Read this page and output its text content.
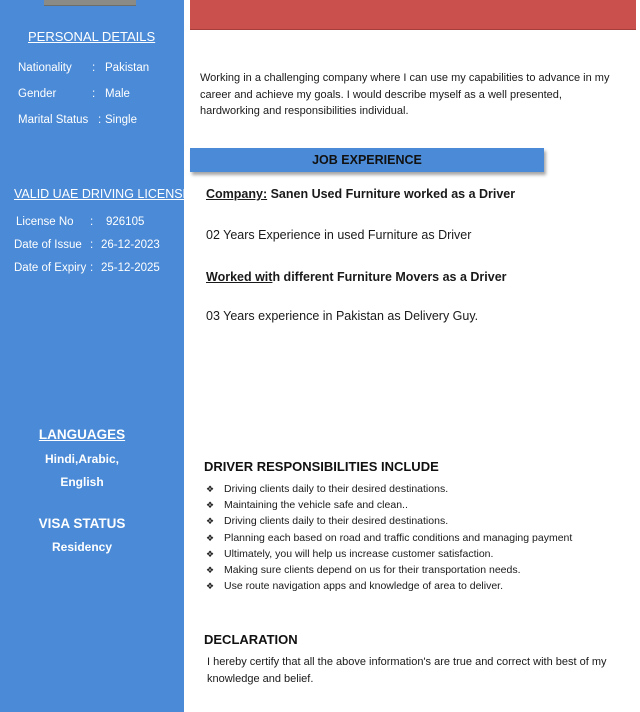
PERSONAL DETAILS
Nationality : Pakistan
Gender	: Male
Marital Status : Single
VALID UAE DRIVING LICENSE
License No : 926105
Date of Issue : 26-12-2023
Date of Expiry : 25-12-2025
LANGUAGES
Hindi,Arabic,
English
VISA STATUS
Residency
Working in a challenging company where I can use my capabilities to advance in my career and achieve my goals. I would describe myself as a well presented, hardworking and responsibilities individual.
JOB EXPERIENCE
Company: Sanen Used Furniture worked as a Driver
02 Years Experience in used Furniture as Driver
Worked with different Furniture Movers as a Driver
03 Years experience in Pakistan as Delivery Guy.
DRIVER RESPONSIBILITIES INCLUDE
❖ Driving clients daily to their desired destinations.
❖ Maintaining the vehicle safe and clean..
❖ Driving clients daily to their desired destinations.
❖ Planning each based on road and traffic conditions and managing payment
❖ Ultimately, you will help us increase customer satisfaction.
❖ Making sure clients depend on us for their transportation needs.
❖ Use route navigation apps and knowledge of area to deliver.
DECLARATION
I hereby certify that all the above information's are true and correct with best of my knowledge and belief.
